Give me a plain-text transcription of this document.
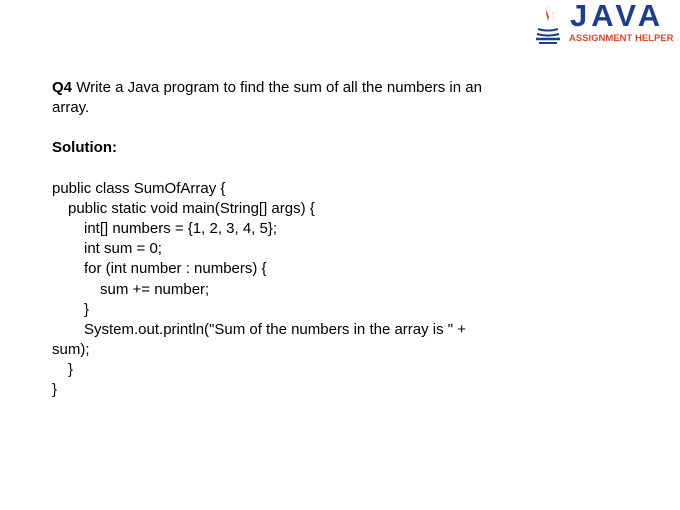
JAVA
ASSIGNMENT HELPER

Q4 Write a Java program to find the sum of all the numbers in an

array.

Solution:
public class SumOfArray {
public static void main(String[] args) {
int[] numbers = {1, 2, 3, 4, 5};
int sum = 0;
for (int number : numbers) {
sum += number;
}
System.out.println("Sum of the numbers in the array is " +
sum);
}
}
